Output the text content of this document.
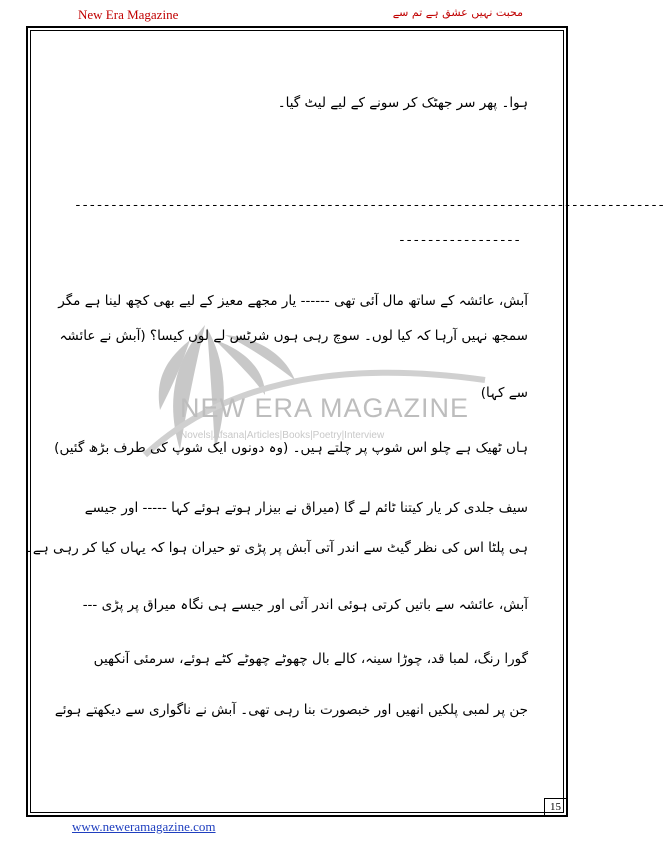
New Era Magazine	محبت نہیں عشق ہے تم سے
NEW ERA MAGAZINE
Novels|Afsana|Articles|Books|Poetry|Interview
ہوا۔ پھر سر جھٹک کر سونے کے لیے لیٹ گیا۔
----------------------------------------------------------------------------------
-----------------
آبش، عائشہ کے ساتھ مال آئی تھی ------ یار مجھے معیز کے لیے بھی کچھ لینا ہے مگر
سمجھ نہیں آرہا کہ کیا لوں۔ سوچ رہی ہوں شرٹس لے لوں کیسا؟ (آبش نے عائشہ
سے کہا)
ہاں ٹھیک ہے چلو اس شوپ پر چلتے ہیں۔ (وہ دونوں ایک شوپ کی طرف بڑھ گئیں)
سیف جلدی کر یار کیتنا ٹائم لے گا (میراق نے بیزار ہوتے ہوئے کہا ----- اور جیسے
ہی پلٹا اس کی نظر گیٹ سے اندر آتی آبش پر پڑی تو حیران ہوا کہ یہاں کیا کر رہی ہے۔
آبش، عائشہ سے باتیں کرتی ہوئی اندر آئی اور جیسے ہی نگاہ میراق پر پڑی ---
گورا رنگ، لمبا قد، چوڑا سینہ، کالے بال چھوٹے چھوٹے کٹے ہوئے، سرمئی آنکھیں
جن پر لمبی پلکیں انھیں اور خبصورت بنا رہی تھی۔ آبش نے ناگواری سے دیکھتے ہوئے
15
www.neweramagazine.com
